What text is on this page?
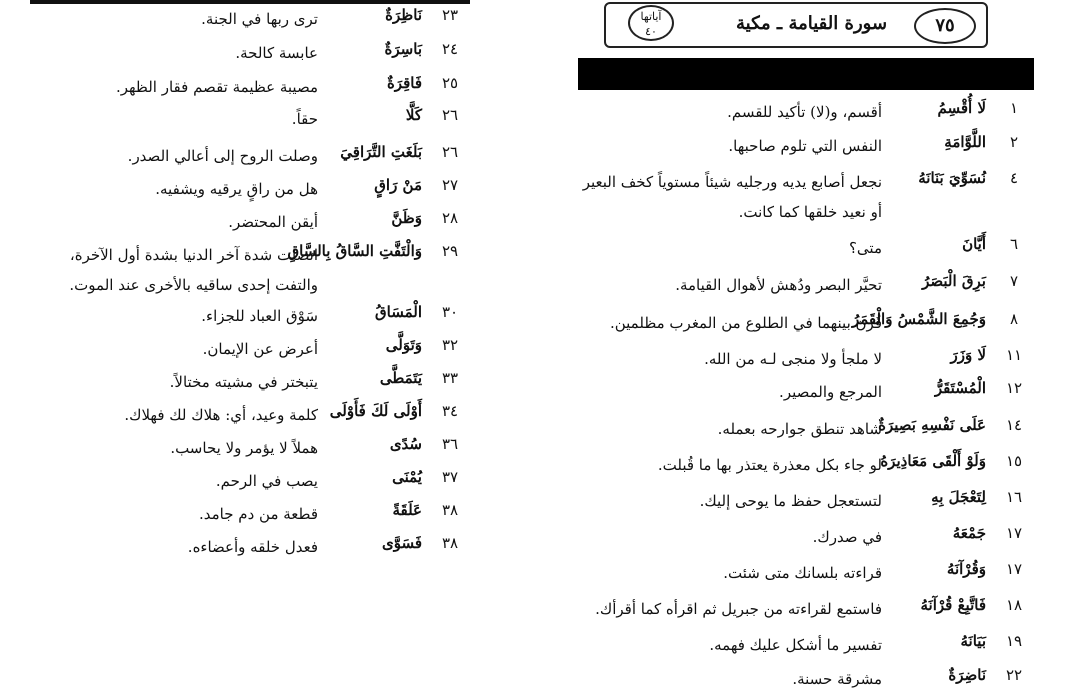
٧٥
سورة القيامة ـ مكية
آياتها
٤٠
٢٣
نَاظِرَةٌ
ترى ربها في الجنة.
٢٤
بَاسِرَةٌ
عابسة كالحة.
٢٥
فَاقِرَةٌ
مصيبة عظيمة تقصم فقار الظهر.
٢٦
كَلَّا
حقاً.
٢٦
بَلَغَتِ التَّرَاقِيَ
وصلت الروح إلى أعالي الصدر.
٢٧
مَنْ رَاقٍ
هل من راقٍ يرقيه ويشفيه.
٢٨
وَظَنَّ
أيقن المحتضر.
٢٩
وَالْتَفَّتِ السَّاقُ بِالسَّاقِ
اتصلت شدة آخر الدنيا بشدة أول الآخرة، والتفت إحدى ساقيه بالأخرى عند الموت.
٣٠
الْمَسَاقُ
سَوْق العباد للجزاء.
٣٢
وَتَوَلَّى
أعرض عن الإيمان.
٣٣
يَتَمَطَّى
يتبختر في مشيته مختالاً.
٣٤
أَوْلَى لَكَ فَأَوْلَى
كلمة وعيد، أي: هلاك لك فهلاك.
٣٦
سُدًى
هملاً لا يؤمر ولا يحاسب.
٣٧
يُمْنَى
يصب في الرحم.
٣٨
عَلَقَةً
قطعة من دم جامد.
٣٨
فَسَوَّى
فعدل خلقه وأعضاءه.
١
لَا أُقْسِمُ
أقسم، و(لا) تأكيد للقسم.
٢
اللَّوَّامَةِ
النفس التي تلوم صاحبها.
٤
نُسَوِّيَ بَنَانَهُ
نجعل أصابع يديه ورجليه شيئاً مستوياً كخف البعير أو نعيد خلقها كما كانت.
٦
أَيَّانَ
متى؟
٧
بَرِقَ الْبَصَرُ
تحيَّر البصر ودُهش لأهوال القيامة.
٨
وَجُمِعَ الشَّمْسُ وَالْقَمَرُ
قُرن بينهما في الطلوع من المغرب مظلمين.
١١
لَا وَزَرَ
لا ملجأ ولا منجى لـه من الله.
١٢
الْمُسْتَقَرُّ
المرجع والمصير.
١٤
عَلَى نَفْسِهِ بَصِيرَةٌ
شاهد تنطق جوارحه بعمله.
١٥
وَلَوْ أَلْقَى مَعَاذِيرَهُ
لو جاء بكل معذرة يعتذر بها ما قُبلت.
١٦
لِتَعْجَلَ بِهِ
لتستعجل حفظ ما يوحى إليك.
١٧
جَمْعَهُ
في صدرك.
١٧
وَقُرْآنَهُ
قراءته بلسانك متى شئت.
١٨
فَاتَّبِعْ قُرْآنَهُ
فاستمع لقراءته من جبريل ثم اقرأه كما أقرأك.
١٩
بَيَانَهُ
تفسير ما أشكل عليك فهمه.
٢٢
نَاضِرَةٌ
مشرقة حسنة.
